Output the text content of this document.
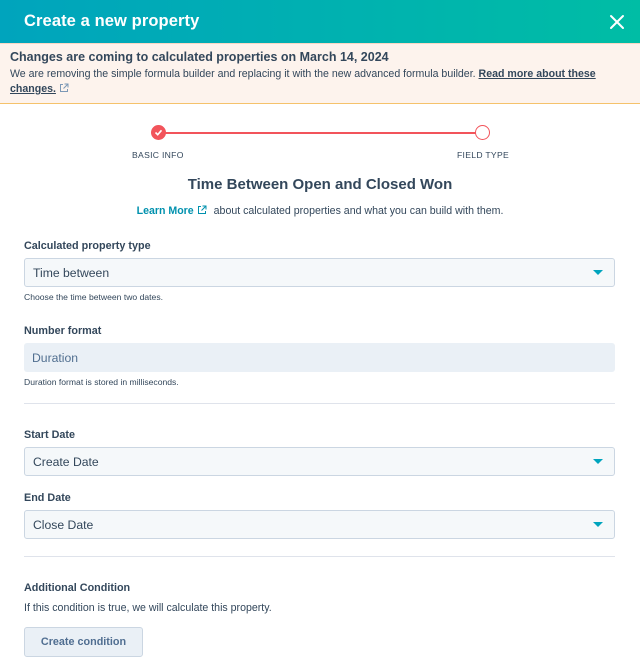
Create a new property
Changes are coming to calculated properties on March 14, 2024
We are removing the simple formula builder and replacing it with the new advanced formula builder. Read more about these changes.
BASIC INFO	FIELD TYPE
Time Between Open and Closed Won
Learn More about calculated properties and what you can build with them.
Calculated property type
Time between
Choose the time between two dates.
Number format
Duration
Duration format is stored in milliseconds.
Start Date
Create Date
End Date
Close Date
Additional Condition
If this condition is true, we will calculate this property.
Create condition
